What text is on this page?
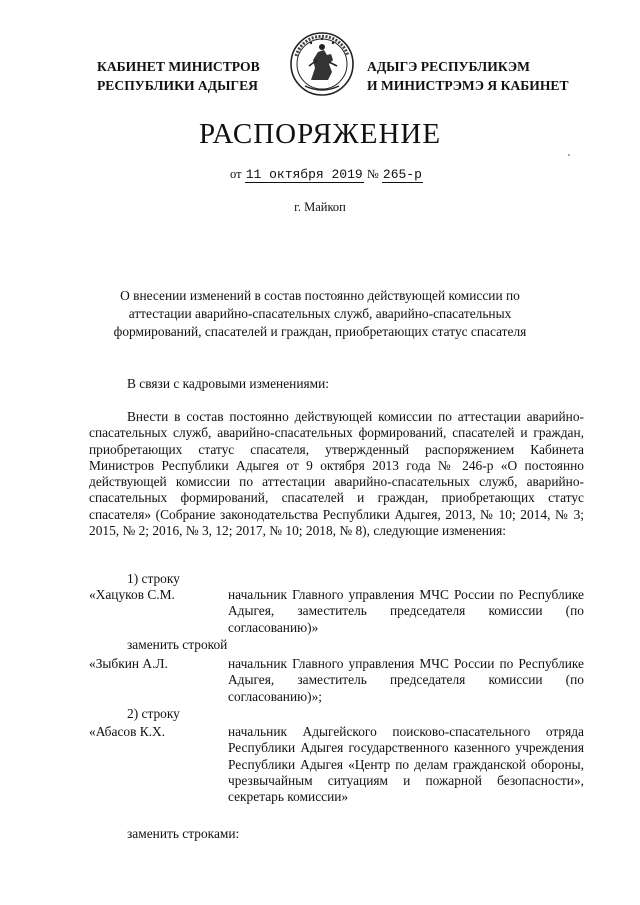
КАБИНЕТ МИНИСТРОВ
РЕСПУБЛИКИ АДЫГЕЯ
АДЫГЭ РЕСПУБЛИКЭМ
И МИНИСТРЭМЭ Я КАБИНЕТ
РАСПОРЯЖЕНИЕ
от 11 октября 2019 № 265-р
г. Майкоп
О внесении изменений в состав постоянно действующей комиссии по
аттестации аварийно-спасательных служб, аварийно-спасательных
формирований, спасателей и граждан, приобретающих статус спасателя
В связи с кадровыми изменениями:
Внести в состав постоянно действующей комиссии по аттестации аварийно-спасательных служб, аварийно-спасательных формирований, спасателей и граждан, приобретающих статус спасателя, утвержденный распоряжением Кабинета Министров Республики Адыгея от 9 октября 2013 года № 246-р «О постоянно действующей комиссии по аттестации аварийно-спасательных служб, аварийно-спасательных формирований, спасателей и граждан, приобретающих статус спасателя» (Собрание законодательства Республики Адыгея, 2013, № 10; 2014, № 3; 2015, № 2; 2016, № 3, 12; 2017, № 10; 2018, № 8), следующие изменения:
1) строку
«Хацуков С.М.	начальник Главного управления МЧС России по Республике Адыгея, заместитель председателя комиссии (по согласованию)»
заменить строкой
«Зыбкин А.Л.	начальник Главного управления МЧС России по Республике Адыгея, заместитель председателя комиссии (по согласованию)»;
2) строку
«Абасов К.Х.	начальник Адыгейского поисково-спасательного отряда Республики Адыгея государственного казенного учреждения Республики Адыгея «Центр по делам гражданской обороны, чрезвычайным ситуациям и пожарной безопасности», секретарь комиссии»
заменить строками:
